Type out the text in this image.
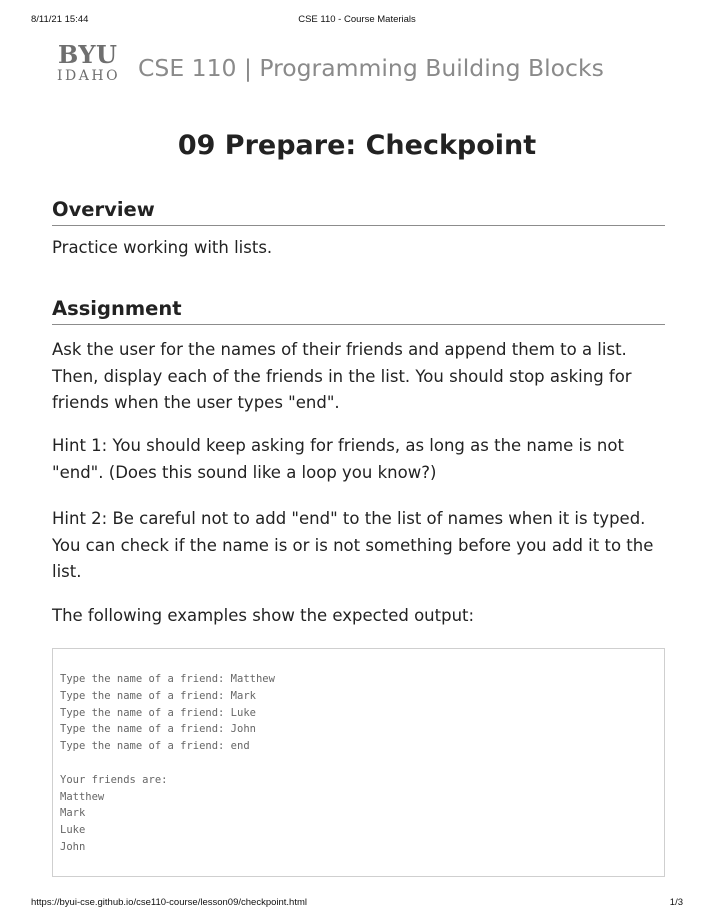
8/11/21 15:44	CSE 110 - Course Materials
BYU
IDAHO CSE 110 | Programming Building Blocks
09 Prepare: Checkpoint
Overview

Practice working with lists.

Assignment

Ask the user for the names of their friends and append them to a list. Then, display each of the friends in the list. You should stop asking for friends when the user types "end".

Hint 1: You should keep asking for friends, as long as the name is not "end". (Does this sound like a loop you know?)

Hint 2: Be careful not to add "end" to the list of names when it is typed. You can check if the name is or is not something before you add it to the list.

The following examples show the expected output:

Type the name of a friend: Matthew
Type the name of a friend: Mark
Type the name of a friend: Luke
Type the name of a friend: John
Type the name of a friend: end
Your friends are:
Matthew
Mark
Luke
John
https://byui-cse.github.io/cse110-course/lesson09/checkpoint.html	1/3
